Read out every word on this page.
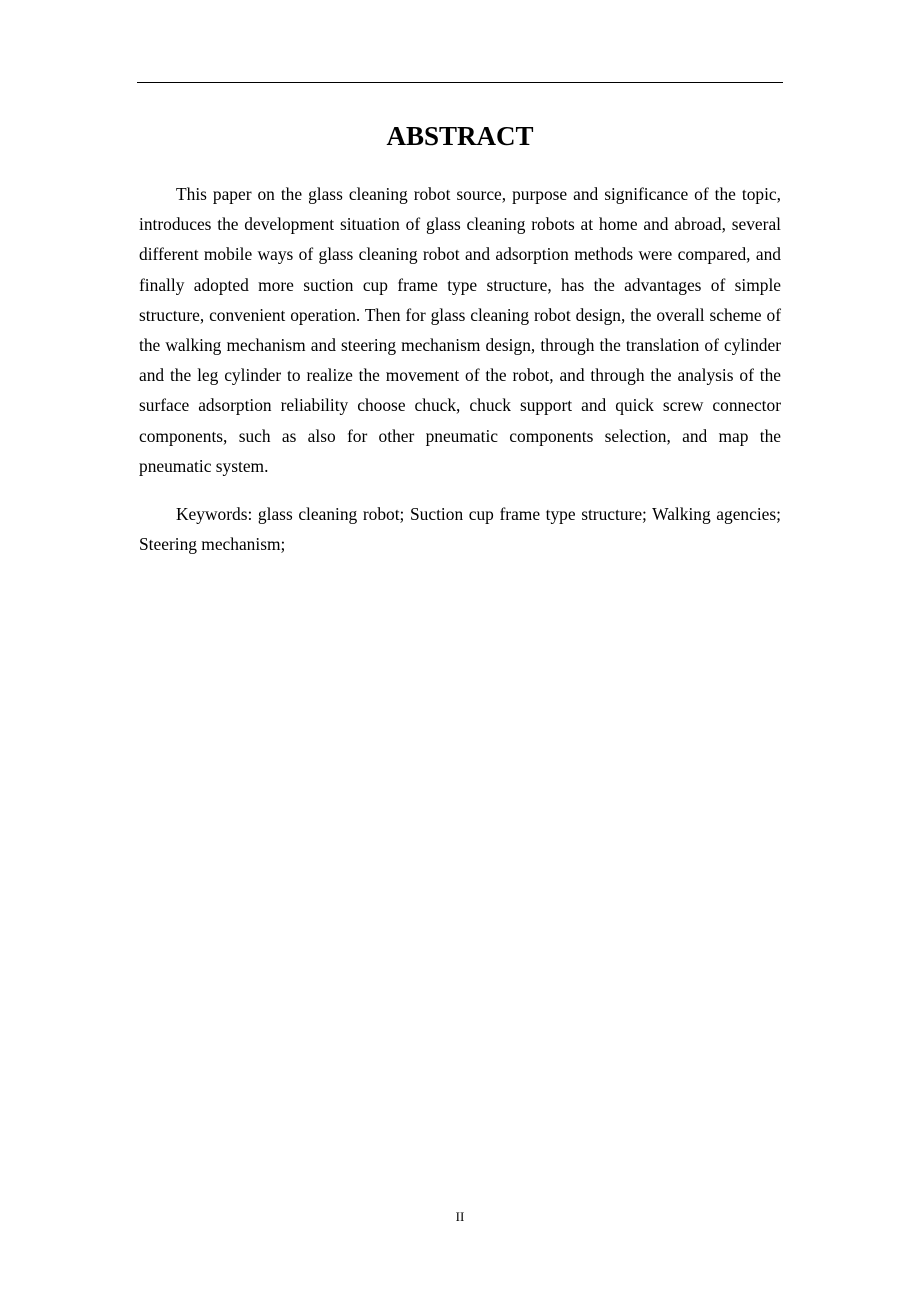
ABSTRACT

This paper on the glass cleaning robot source, purpose and significance of the topic, introduces the development situation of glass cleaning robots at home and abroad, several different mobile ways of glass cleaning robot and adsorption methods were compared, and finally adopted more suction cup frame type structure, has the advantages of simple structure, convenient operation. Then for glass cleaning robot design, the overall scheme of the walking mechanism and steering mechanism design, through the translation of cylinder and the leg cylinder to realize the movement of the robot, and through the analysis of the surface adsorption reliability choose chuck, chuck support and quick screw connector components, such as also for other pneumatic components selection, and map the pneumatic system.

Keywords: glass cleaning robot; Suction cup frame type structure; Walking agencies; Steering mechanism;

II
